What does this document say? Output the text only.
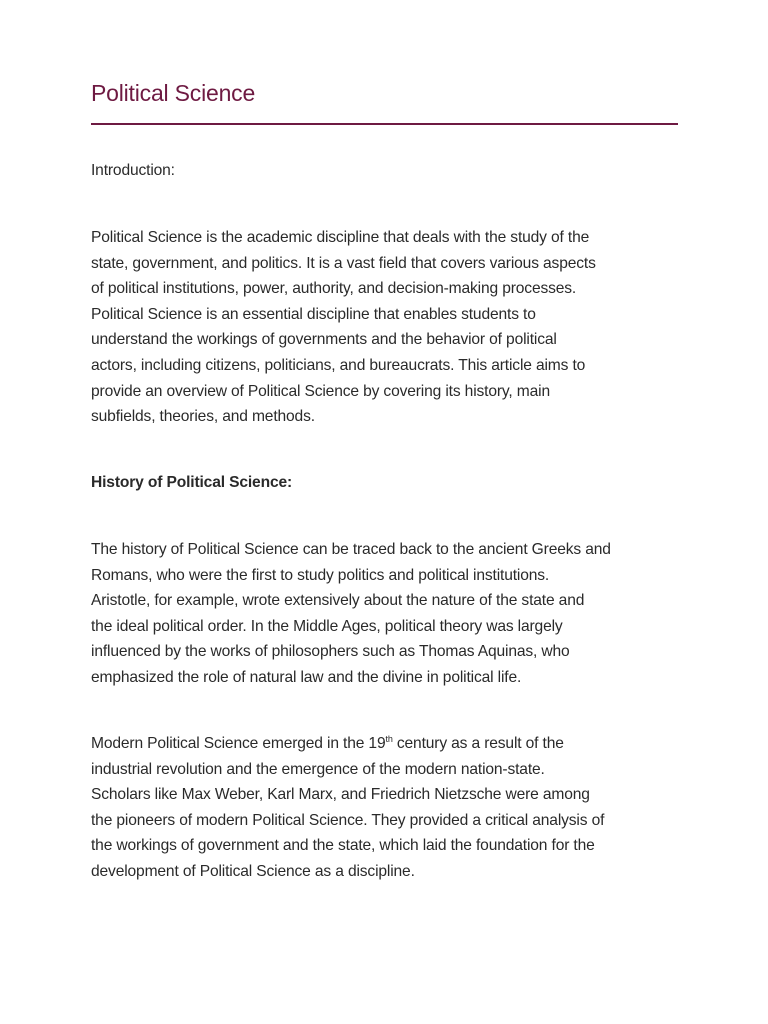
Political Science

Introduction:

Political Science is the academic discipline that deals with the study of the
state, government, and politics. It is a vast field that covers various aspects
of political institutions, power, authority, and decision-making processes.
Political Science is an essential discipline that enables students to
understand the workings of governments and the behavior of political
actors, including citizens, politicians, and bureaucrats. This article aims to
provide an overview of Political Science by covering its history, main
subfields, theories, and methods.

History of Political Science:

The history of Political Science can be traced back to the ancient Greeks and
Romans, who were the first to study politics and political institutions.
Aristotle, for example, wrote extensively about the nature of the state and
the ideal political order. In the Middle Ages, political theory was largely
influenced by the works of philosophers such as Thomas Aquinas, who
emphasized the role of natural law and the divine in political life.

Modern Political Science emerged in the 19th century as a result of the
industrial revolution and the emergence of the modern nation-state.
Scholars like Max Weber, Karl Marx, and Friedrich Nietzsche were among
the pioneers of modern Political Science. They provided a critical analysis of
the workings of government and the state, which laid the foundation for the
development of Political Science as a discipline.
